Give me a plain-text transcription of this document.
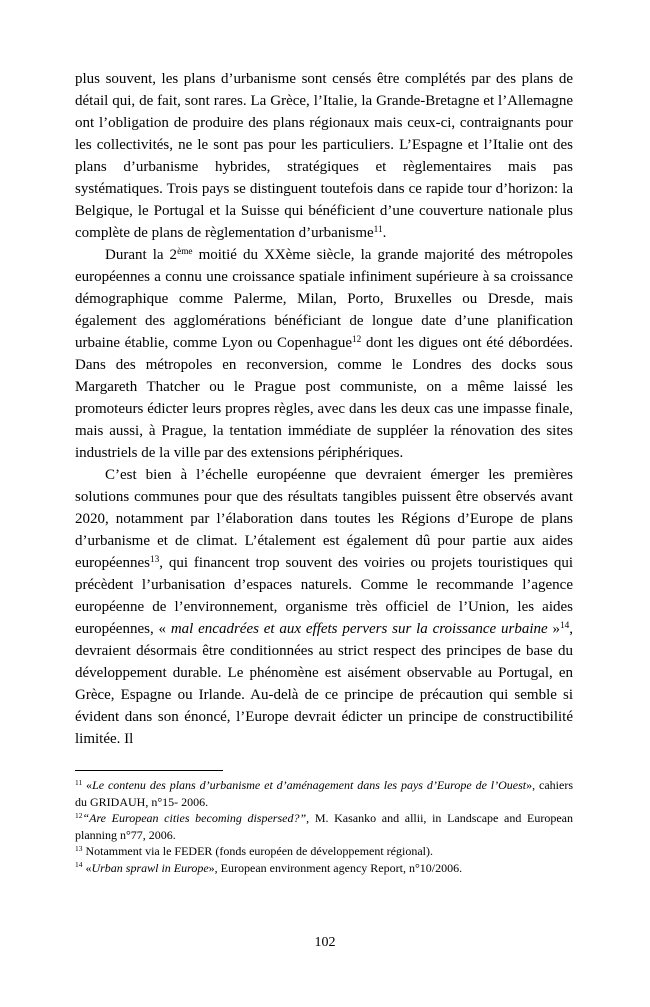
plus souvent, les plans d’urbanisme sont censés être complétés par des plans de détail qui, de fait, sont rares. La Grèce, l’Italie, la Grande-Bretagne et l’Allemagne ont l’obligation de produire des plans régionaux mais ceux-ci, contraignants pour les collectivités, ne le sont pas pour les particuliers. L’Espagne et l’Italie ont des plans d’urbanisme hybrides, stratégiques et règlementaires mais pas systématiques. Trois pays se distinguent toutefois dans ce rapide tour d’horizon: la Belgique, le Portugal et la Suisse qui bénéficient d’une couverture nationale plus complète de plans de règlementation d’urbanisme$^{11}$.

Durant la 2ème moitié du XXème siècle, la grande majorité des métropoles européennes a connu une croissance spatiale infiniment supérieure à sa croissance démographique comme Palerme, Milan, Porto, Bruxelles ou Dresde, mais également des agglomérations bénéficiant de longue date d’une planification urbaine établie, comme Lyon ou Copenhague$^{12}$ dont les digues ont été débordées. Dans des métropoles en reconversion, comme le Londres des docks sous Margareth Thatcher ou le Prague post communiste, on a même laissé les promoteurs édicter leurs propres règles, avec dans les deux cas une impasse finale, mais aussi, à Prague, la tentation immédiate de suppléer la rénovation des sites industriels de la ville par des extensions périphériques.

C’est bien à l’échelle européenne que devraient émerger les premières solutions communes pour que des résultats tangibles puissent être observés avant 2020, notamment par l’élaboration dans toutes les Régions d’Europe de plans d’urbanisme et de climat. L’étalement est également dû pour partie aux aides européennes$^{13}$, qui financent trop souvent des voiries ou projets touristiques qui précèdent l’urbanisation d’espaces naturels. Comme le recommande l’agence européenne de l’environnement, organisme très officiel de l’Union, les aides européennes, « mal encadrées et aux effets pervers sur la croissance urbaine »$^{14}$, devraient désormais être conditionnées au strict respect des principes de base du développement durable. Le phénomène est aisément observable au Portugal, en Grèce, Espagne ou Irlande. Au-delà de ce principe de précaution qui semble si évident dans son énoncé, l’Europe devrait édicter un principe de constructibilité limitée. Il

$^{11}$ «Le contenu des plans d’urbanisme et d’aménagement dans les pays d’Europe de l’Ouest», cahiers du GRIDAUH, n°15- 2006.

$^{12}$“Are European cities becoming dispersed?”, M. Kasanko and allii, in Landscape and European planning n°77, 2006.

$^{13}$ Notamment via le FEDER (fonds européen de développement régional).

$^{14}$ «Urban sprawl in Europe», European environment agency Report, n°10/2006.

102
